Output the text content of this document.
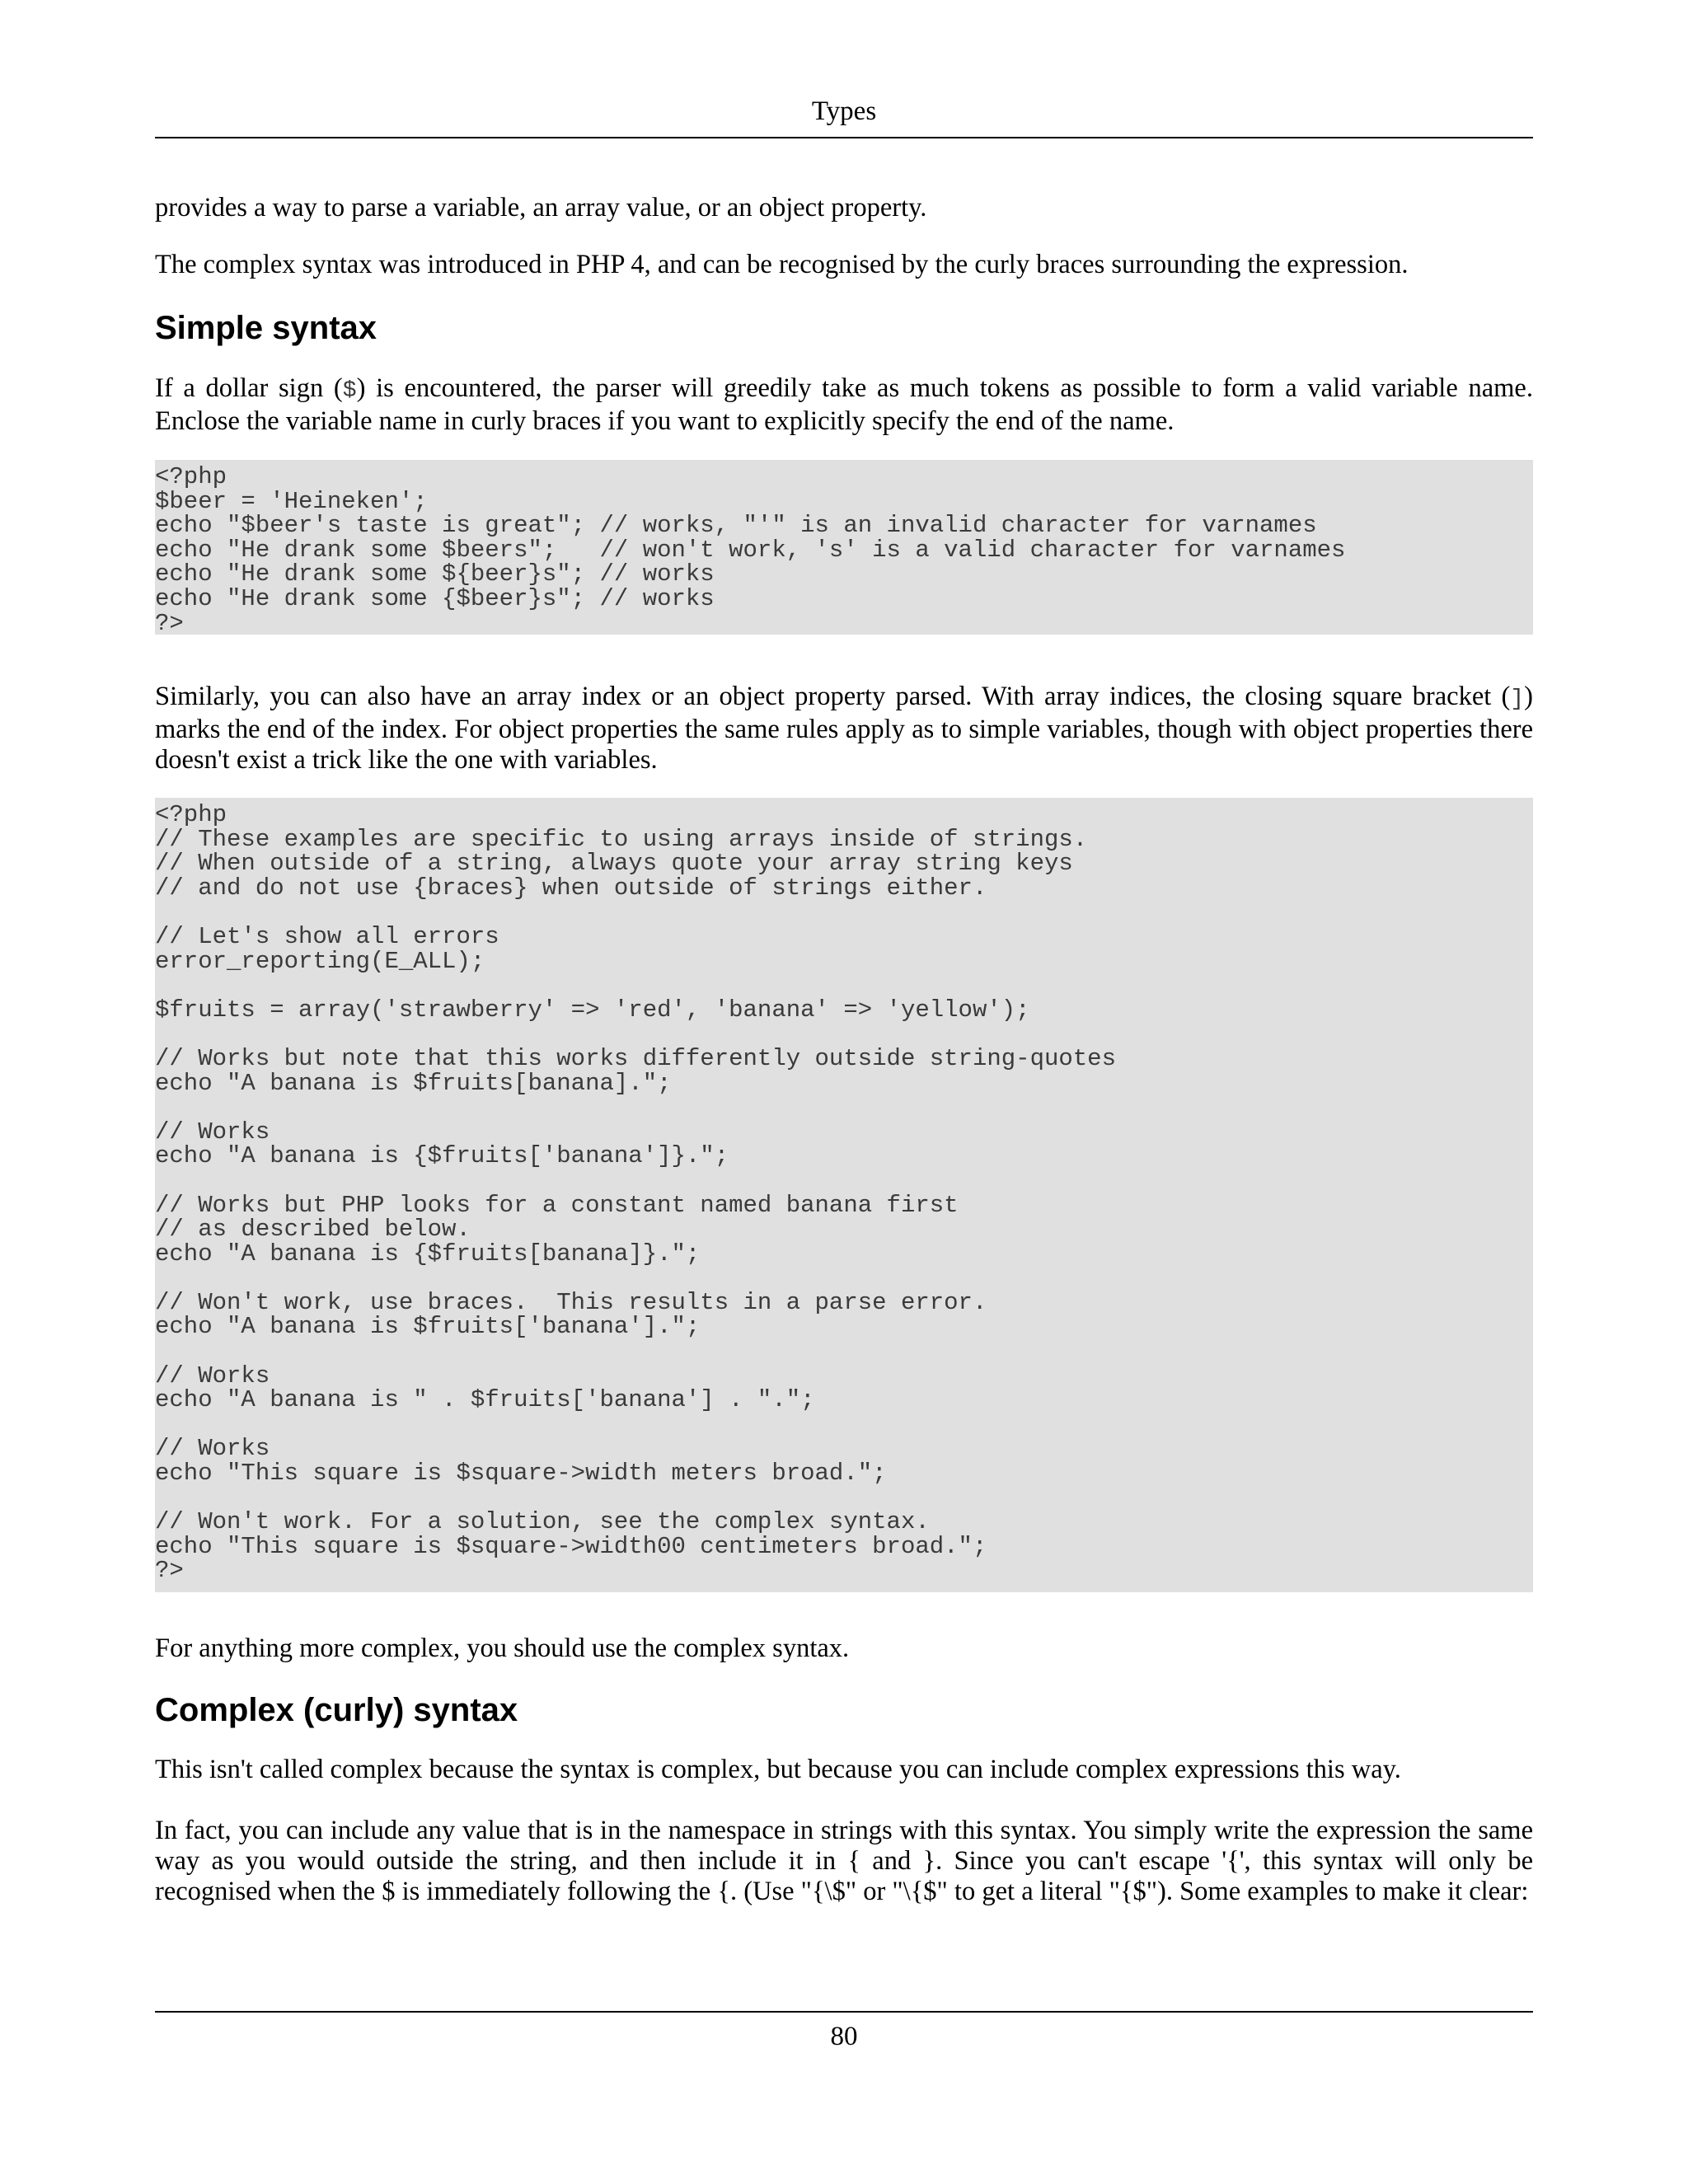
Types

provides a way to parse a variable, an array value, or an object property.

The complex syntax was introduced in PHP 4, and can be recognised by the curly braces surrounding the expression.

Simple syntax

If a dollar sign ($) is encountered, the parser will greedily take as much tokens as possible to form a valid variable name. Enclose the variable name in curly braces if you want to explicitly specify the end of the name.

<?php
$beer = 'Heineken';
echo "$beer's taste is great"; // works, "'" is an invalid character for varnames
echo "He drank some $beers";   // won't work, 's' is a valid character for varnames
echo "He drank some ${beer}s"; // works
echo "He drank some {$beer}s"; // works
?>

Similarly, you can also have an array index or an object property parsed. With array indices, the closing square bracket (]) marks the end of the index. For object properties the same rules apply as to simple variables, though with object properties there doesn't exist a trick like the one with variables.

<?php
// These examples are specific to using arrays inside of strings.
// When outside of a string, always quote your array string keys
// and do not use {braces} when outside of strings either.

// Let's show all errors
error_reporting(E_ALL);

$fruits = array('strawberry' => 'red', 'banana' => 'yellow');

// Works but note that this works differently outside string-quotes
echo "A banana is $fruits[banana].";

// Works
echo "A banana is {$fruits['banana']}.";

// Works but PHP looks for a constant named banana first
// as described below.
echo "A banana is {$fruits[banana]}.";

// Won't work, use braces.  This results in a parse error.
echo "A banana is $fruits['banana'].";

// Works
echo "A banana is " . $fruits['banana'] . ".";

// Works
echo "This square is $square->width meters broad.";

// Won't work. For a solution, see the complex syntax.
echo "This square is $square->width00 centimeters broad.";
?>

For anything more complex, you should use the complex syntax.

Complex (curly) syntax

This isn't called complex because the syntax is complex, but because you can include complex expressions this way.

In fact, you can include any value that is in the namespace in strings with this syntax. You simply write the expression the same way as you would outside the string, and then include it in { and }. Since you can't escape '{', this syntax will only be recognised when the $ is immediately following the {. (Use "{\$" or "\{$" to get a literal "{$"). Some examples to make it clear:

80
